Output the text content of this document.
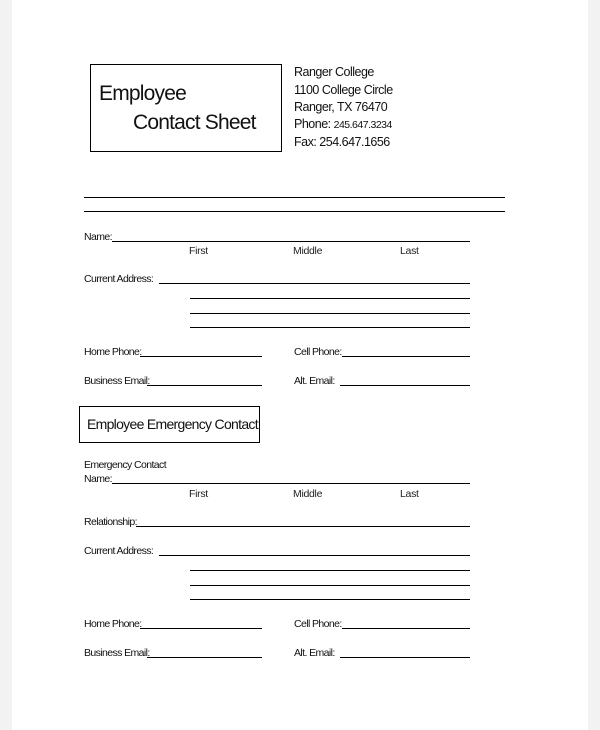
Employee
Contact Sheet
Ranger College
1100 College Circle
Ranger, TX 76470
Phone: 245.647.3234
Fax: 254.647.1656
Name:
First	Middle	Last
Current Address:
Home Phone:	Cell Phone:
Business Email:	Alt. Email:
Employee Emergency Contact
Emergency Contact
Name:
First	Middle	Last
Relationship:
Current Address:
Home Phone:	Cell Phone:
Business Email:	Alt. Email:
